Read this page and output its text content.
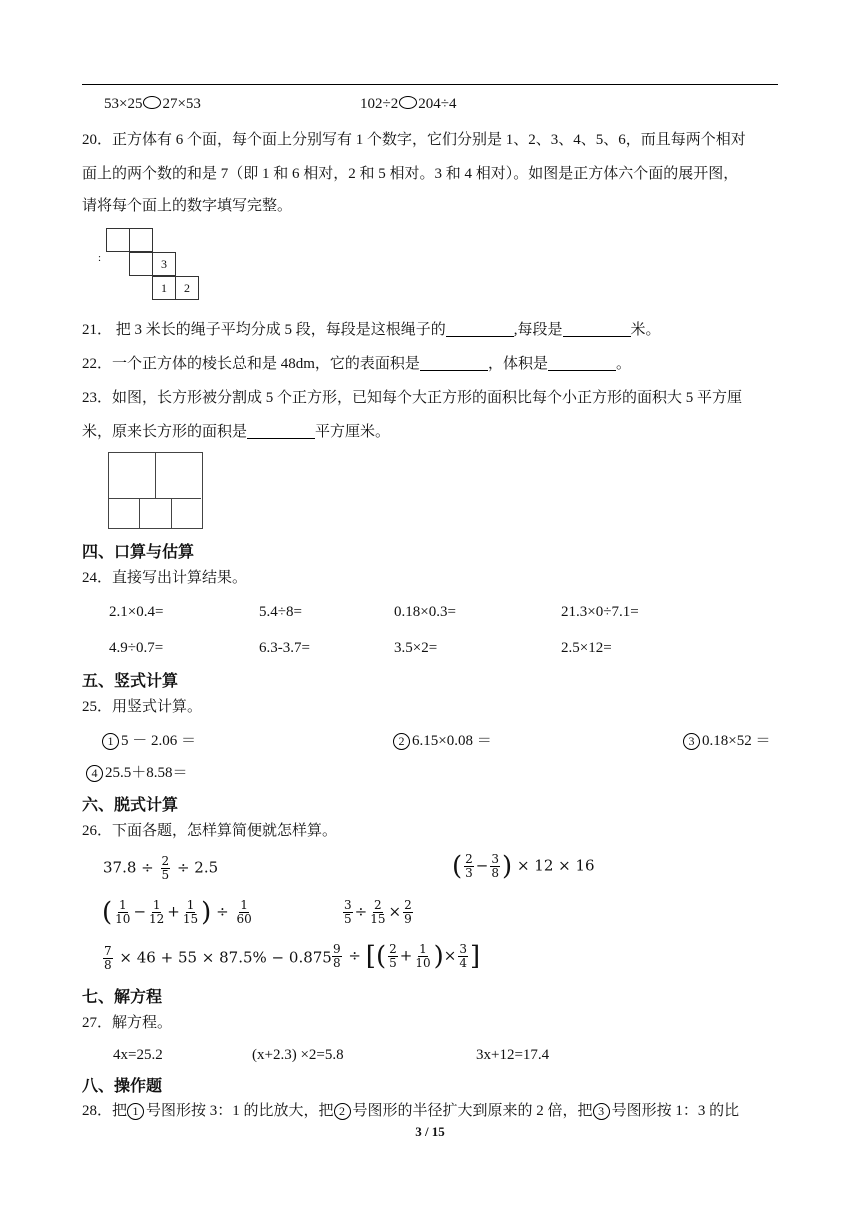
53×25 27×53	102÷2 204÷4
20．正方体有 6 个面，每个面上分别写有 1 个数字，它们分别是 1、2、3、4、5、6，而且每两个相对
面上的两个数的和是 7（即 1 和 6 相对，2 和 5 相对。3 和 4 相对）。如图是正方体六个面的展开图，
请将每个面上的数字填写完整。
3
1	2
:
21． 把 3 米长的绳子平均分成 5 段，每段是这根绳子的	,每段是	米。
22．一个正方体的棱长总和是 48dm，它的表面积是	，体积是	。
23．如图，长方形被分割成 5 个正方形，已知每个大正方形的面积比每个小正方形的面积大 5 平方厘
米，原来长方形的面积是	平方厘米。
四、口算与估算
24．直接写出计算结果。
2.1×0.4=	5.4÷8=	0.18×0.3=	21.3×0÷7.1=
4.9÷0.7=	6.3-3.7=	3.5×2=	2.5×12=
五、竖式计算
25．用竖式计算。
1 5 － 2.06 ＝	2 6.15×0.08 ＝	3 0.18×52 ＝
4 25.5＋8.58＝
六、脱式计算
26．下面各题，怎样算简便就怎样算。
$37.8 \div \frac{2}{5} \div 2.5$	( $\frac{2}{3} - \frac{3}{8}$ ) × 12 × 16
( $\frac{1}{10} - \frac{1}{12} + \frac{1}{15}$ ) ÷ $\frac{1}{60}$	$\frac{3}{5} \div \frac{2}{15} \times \frac{2}{9}$
$\frac{7}{8} \times 46 + 55 \times 87.5\% - 0.875 \frac{9}{8}$ ÷ [( $\frac{2}{5} + \frac{1}{10}$ )× $\frac{3}{4}$ ]
七、解方程
27．解方程。
4x=25.2	(x+2.3) ×2=5.8	3x+12=17.4
八、操作题
28．把 1 号图形按 3：1 的比放大，把 2 号图形的半径扩大到原来的 2 倍，把 3 号图形按 1：3 的比
3 / 15
